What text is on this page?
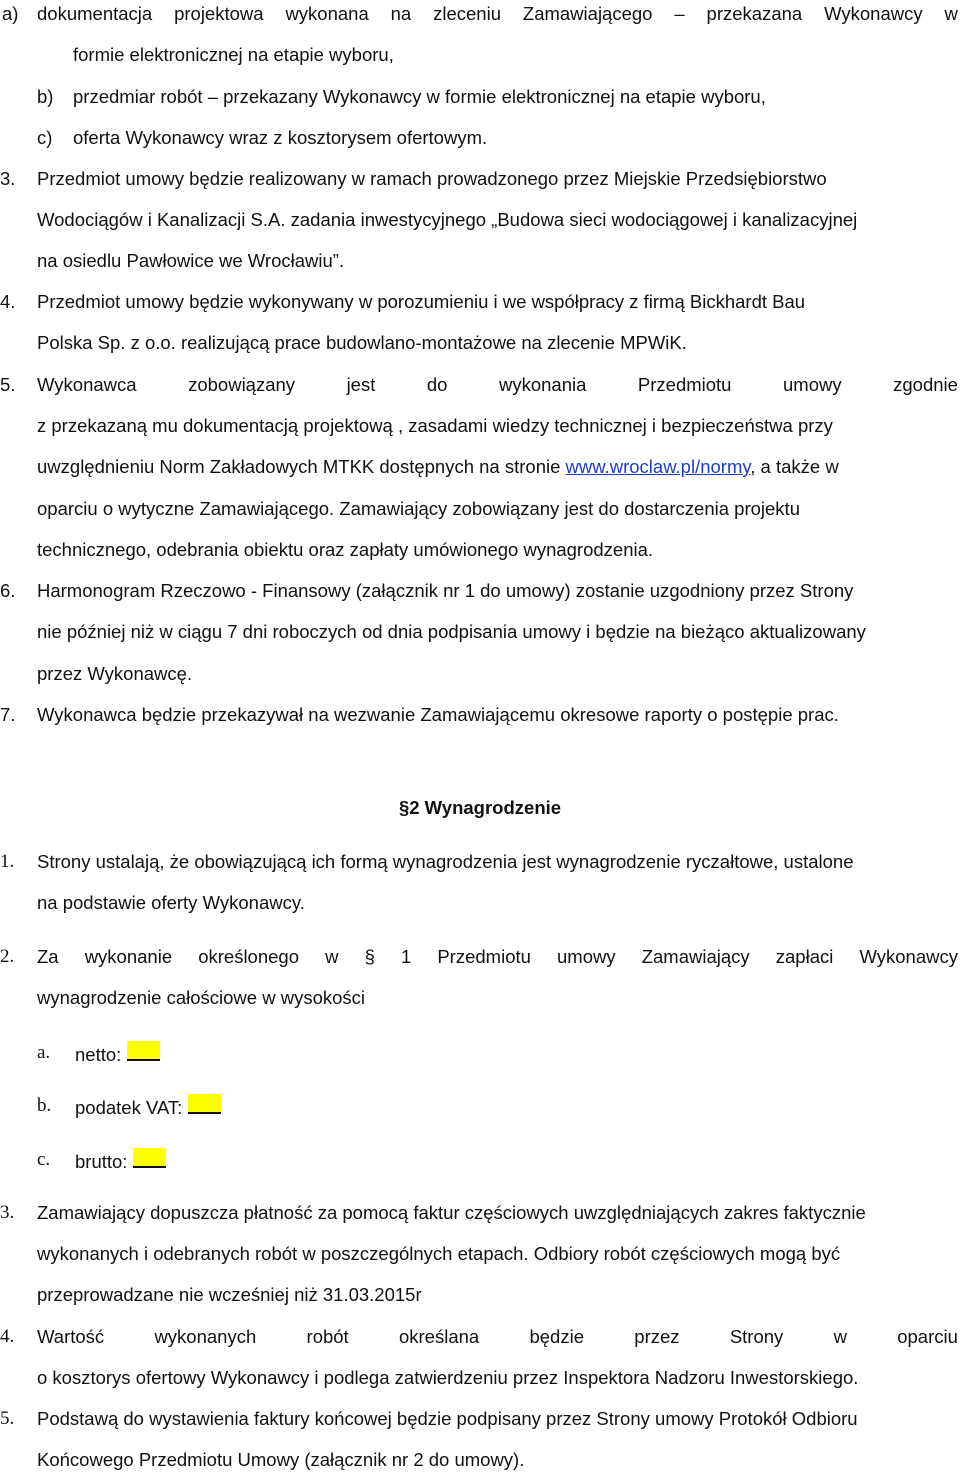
a) dokumentacja projektowa wykonana na zleceniu Zamawiającego – przekazana Wykonawcy w
formie elektronicznej na etapie wyboru,
b) przedmiar robót – przekazany Wykonawcy w formie elektronicznej na etapie wyboru,
c) oferta Wykonawcy wraz z kosztorysem ofertowym.
3. Przedmiot umowy będzie realizowany w ramach prowadzonego przez Miejskie Przedsiębiorstwo
Wodociągów i Kanalizacji S.A. zadania inwestycyjnego „Budowa sieci wodociągowej i kanalizacyjnej
na osiedlu Pawłowice we Wrocławiu”.
4. Przedmiot umowy będzie wykonywany w porozumieniu i we współpracy z firmą Bickhardt Bau
Polska Sp. z o.o. realizującą prace budowlano-montażowe na zlecenie MPWiK.
5. Wykonawca	zobowiązany	jest	do	wykonania	Przedmiotu	umowy	zgodnie
z przekazaną mu dokumentacją projektową , zasadami wiedzy technicznej i bezpieczeństwa przy
uwzględnieniu Norm Zakładowych MTKK dostępnych na stronie www.wroclaw.pl/normy, a także w
oparciu o wytyczne Zamawiającego. Zamawiający zobowiązany jest do dostarczenia projektu
technicznego, odebrania obiektu oraz zapłaty umówionego wynagrodzenia.
6. Harmonogram Rzeczowo - Finansowy (załącznik nr 1 do umowy) zostanie uzgodniony przez Strony
nie później niż w ciągu 7 dni roboczych od dnia podpisania umowy i będzie na bieżąco aktualizowany
przez Wykonawcę.
7. Wykonawca będzie przekazywał na wezwanie Zamawiającemu okresowe raporty o postępie prac.
§2 Wynagrodzenie
1. Strony ustalają, że obowiązującą ich formą wynagrodzenia jest wynagrodzenie ryczałtowe, ustalone
na podstawie oferty Wykonawcy.
2. Za wykonanie określonego w § 1 Przedmiotu umowy Zamawiający zapłaci Wykonawcy
wynagrodzenie całościowe w wysokości
a. netto:
b. podatek VAT:
c. brutto:
3. Zamawiający dopuszcza płatność za pomocą faktur częściowych uwzględniających zakres faktycznie
wykonanych i odebranych robót w poszczególnych etapach. Odbiory robót częściowych mogą być
przeprowadzane nie wcześniej niż 31.03.2015r
4. Wartość	wykonanych	robót	określana	będzie	przez	Strony	w	oparciu
o kosztorys ofertowy Wykonawcy i podlega zatwierdzeniu przez Inspektora Nadzoru Inwestorskiego.
5. Podstawą do wystawienia faktury końcowej będzie podpisany przez Strony umowy Protokół Odbioru
Końcowego Przedmiotu Umowy (załącznik nr 2 do umowy).
